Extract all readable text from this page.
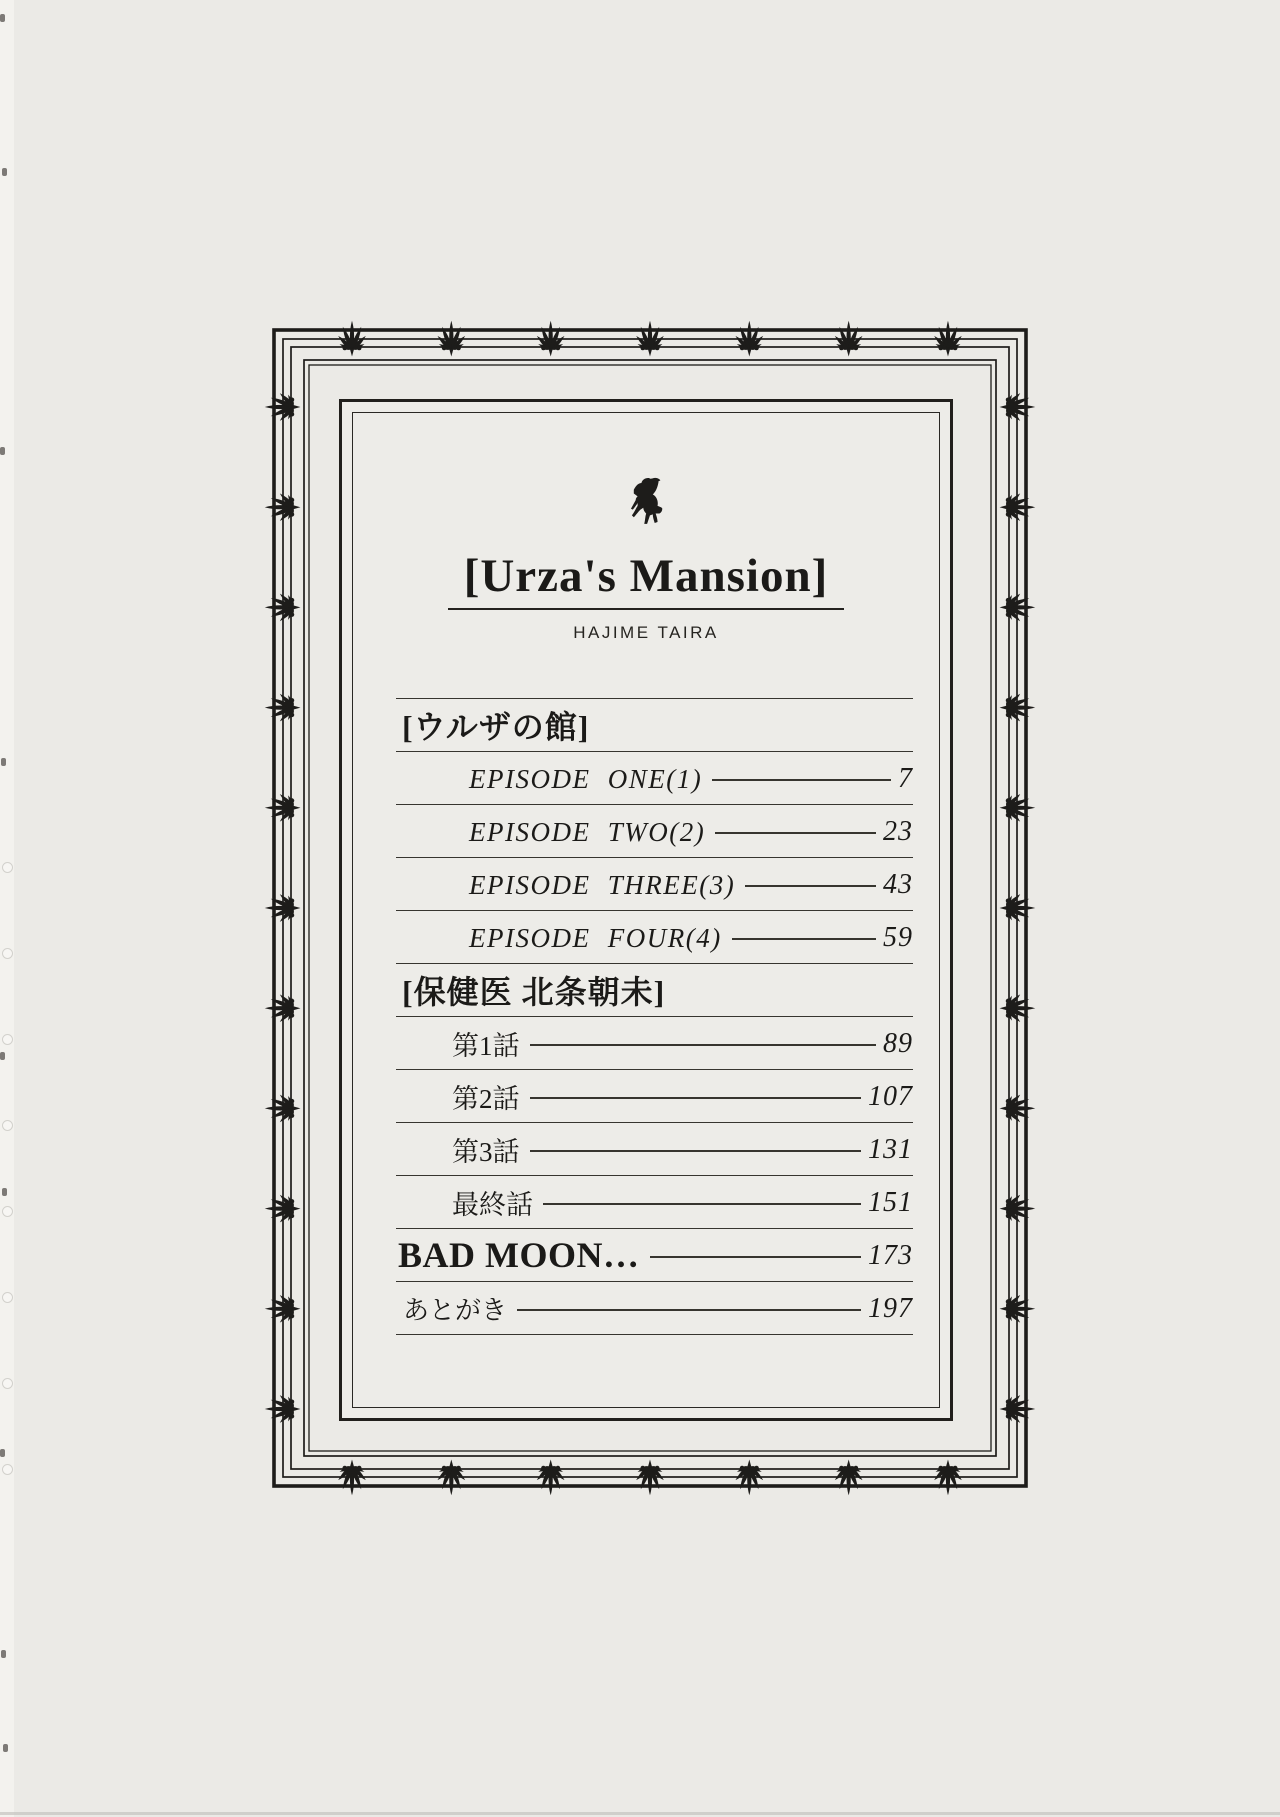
[Urza's Mansion]
HAJIME TAIRA
[ウルザの館]
EPISODE ONE(1)	7
EPISODE TWO(2)	23
EPISODE THREE(3)	43
EPISODE FOUR(4)	59
[保健医 北条朝未]
第1話	89
第2話	107
第3話	131
最終話	151
BAD MOON…	173
あとがき	197
